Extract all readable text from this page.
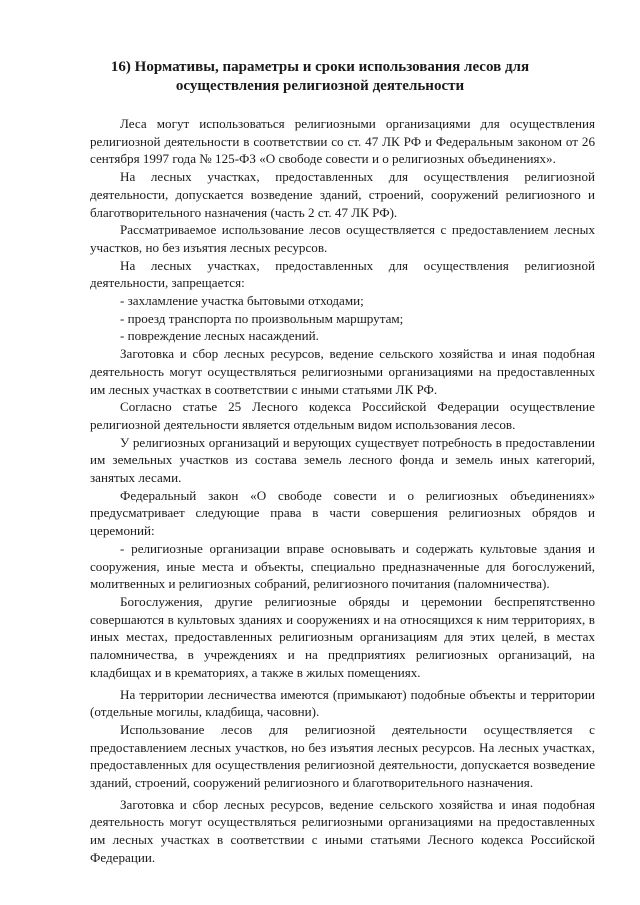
16) Нормативы, параметры и сроки использования лесов для
осуществления религиозной деятельности

Леса могут использоваться религиозными организациями для осуществления религиозной деятельности в соответствии со ст. 47 ЛК РФ и Федеральным законом от 26 сентября 1997 года № 125-ФЗ «О свободе совести и о религиозных объединениях».

На лесных участках, предоставленных для осуществления религиозной деятельности, допускается возведение зданий, строений, сооружений религиозного и благотворительного назначения (часть 2 ст. 47 ЛК РФ).

Рассматриваемое использование лесов осуществляется с предоставлением лесных участков, но без изъятия лесных ресурсов.

На лесных участках, предоставленных для осуществления религиозной деятельности, запрещается:

- захламление участка бытовыми отходами;

- проезд транспорта по произвольным маршрутам;

- повреждение лесных насаждений.

Заготовка и сбор лесных ресурсов, ведение сельского хозяйства и иная подобная деятельность могут осуществляться религиозными организациями на предоставленных им лесных участках в соответствии с иными статьями ЛК РФ.

Согласно статье 25 Лесного кодекса Российской Федерации осуществление религиозной деятельности является отдельным видом использования лесов.

У религиозных организаций и верующих существует потребность в предоставлении им земельных участков из состава земель лесного фонда и земель иных категорий, занятых лесами.

Федеральный закон «О свободе совести и о религиозных объединениях» предусматривает следующие права в части совершения религиозных обрядов и церемоний:

- религиозные организации вправе основывать и содержать культовые здания и сооружения, иные места и объекты, специально предназначенные для богослужений, молитвенных и религиозных собраний, религиозного почитания (паломничества).

Богослужения, другие религиозные обряды и церемонии беспрепятственно совершаются в культовых зданиях и сооружениях и на относящихся к ним территориях, в иных местах, предоставленных религиозным организациям для этих целей, в местах паломничества, в учреждениях и на предприятиях религиозных организаций, на кладбищах и в крематориях, а также в жилых помещениях.

На территории лесничества имеются (примыкают) подобные объекты и территории (отдельные могилы, кладбища, часовни).

Использование лесов для религиозной деятельности осуществляется с предоставлением лесных участков, но без изъятия лесных ресурсов. На лесных участках, предоставленных для осуществления религиозной деятельности, допускается возведение зданий, строений, сооружений религиозного и благотворительного назначения.

Заготовка и сбор лесных ресурсов, ведение сельского хозяйства и иная подобная деятельность могут осуществляться религиозными организациями на предоставленных им лесных участках в соответствии с иными статьями Лесного кодекса Российской Федерации.
